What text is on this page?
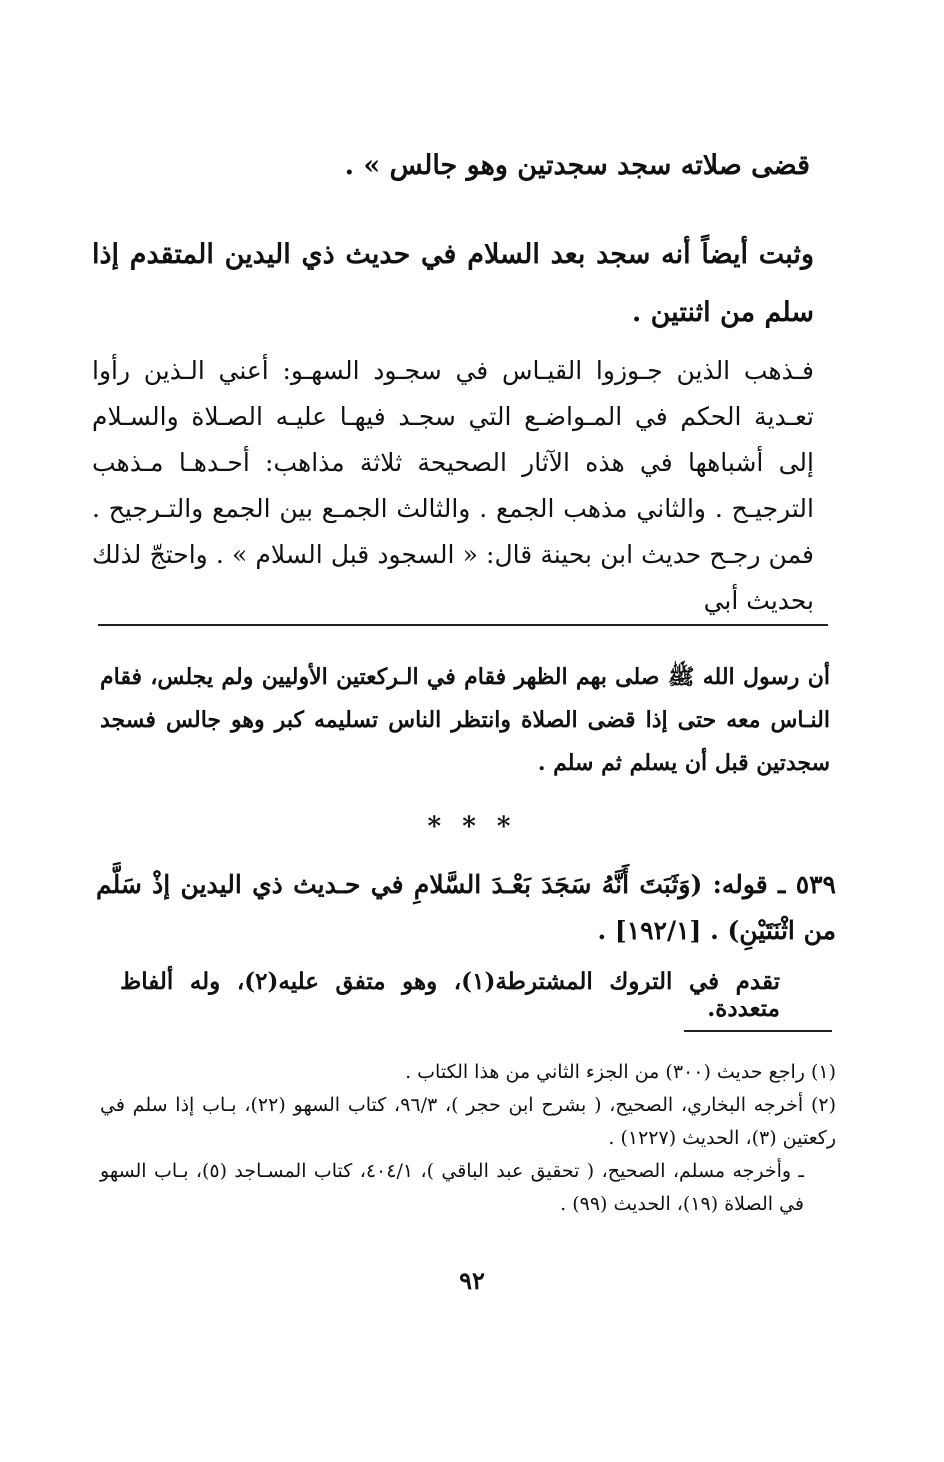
قضى صلاته سجد سجدتين وهو جالس » .
وثبت أيضاً أنه سجد بعد السلام في حديث ذي اليدين المتقدم إذا سلم من اثنتين .
فـذهب الذين جـوزوا القيـاس في سجـود السهـو: أعني الـذين رأوا تعـدية الحكم في المـواضـع التي سجـد فيهـا عليـه الصـلاة والسـلام إلى أشباهها في هذه الآثار الصحيحة ثلاثة مذاهب: أحـدهـا مـذهب الترجيـح . والثاني مذهب الجمع . والثالث الجمـع بين الجمع والتـرجيح . فمن رجـح حديث ابن بحينة قال: « السجود قبل السلام » . واحتجّ لذلك بحديث أبي
أن رسول الله ﷺ صلى بهم الظهر فقام في الـركعتين الأوليين ولم يجلس، فقام النـاس معه حتى إذا قضى الصلاة وانتظر الناس تسليمه كبر وهو جالس فسجد سجدتين قبل أن يسلم ثم سلم .
* * *
٥٣٩ ـ قوله: (وَثَبَتَ أَنَّهُ سَجَدَ بَعْـدَ السَّلامِ في حـديث ذي اليدين إذْ سَلَّم من اثْنَتَيْنِ) . [١٩٢/١] .
تقدم في التروك المشترطة(١)، وهو متفق عليه(٢)، وله ألفاظ متعددة.

(١) راجع حديث (٣٠٠) من الجزء الثاني من هذا الكتاب .

(٢) أخرجه البخاري، الصحيح، ( بشرح ابن حجر )، ٩٦/٣، كتاب السهو (٢٢)، بـاب إذا سلم في ركعتين (٣)، الحديث (١٢٢٧) .

ـ وأخرجه مسلم، الصحيح، ( تحقيق عبد الباقي )، ٤٠٤/١، كتاب المسـاجد (٥)، بـاب السهو في الصلاة (١٩)، الحديث (٩٩) .

٩٢
